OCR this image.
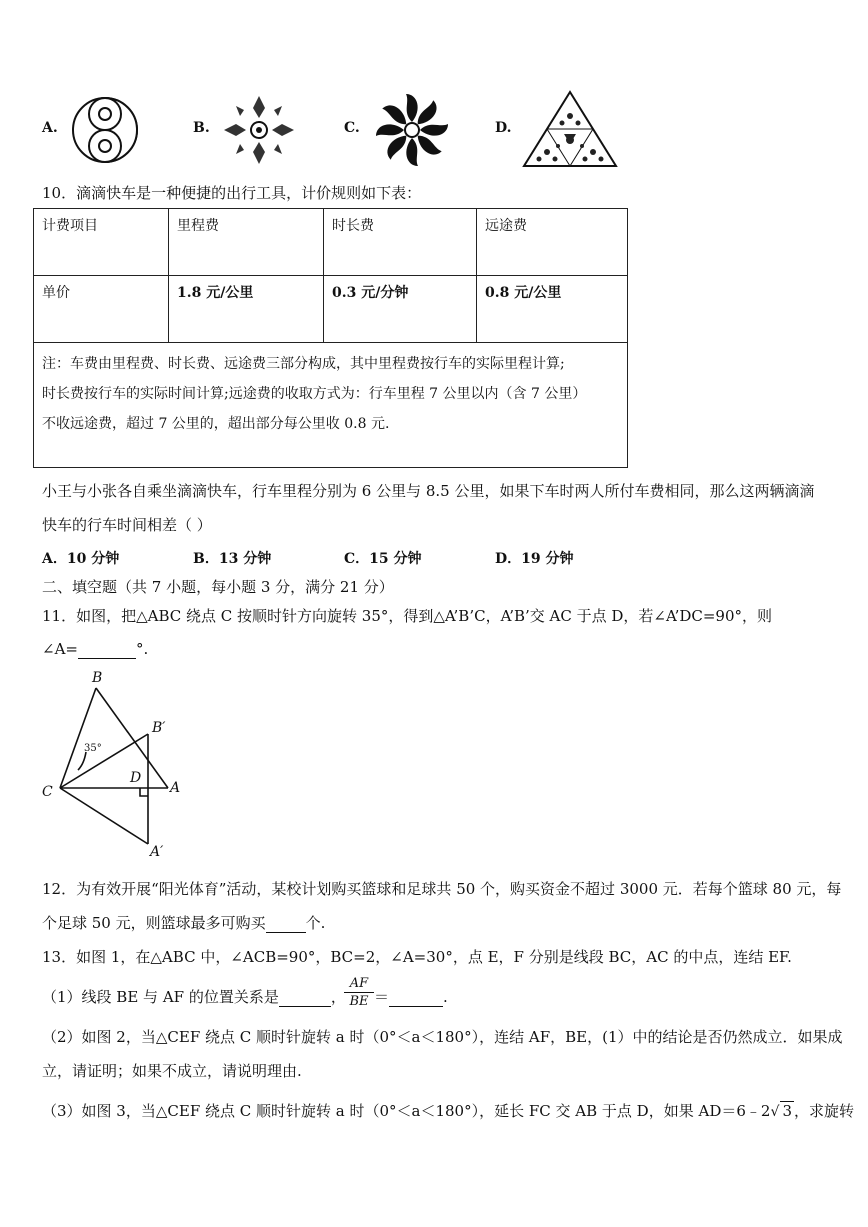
A.	B.	C.	D.
10．滴滴快车是一种便捷的出行工具，计价规则如下表：
计费项目	里程费	时长费	远途费
单价	1.8 元/公里	0.3 元/分钟	0.8 元/公里

注：车费由里程费、时长费、远途费三部分构成，其中里程费按行车的实际里程计算;
时长费按行车的实际时间计算;远途费的收取方式为：行车里程 7 公里以内（含 7 公里）
不收远途费，超过 7 公里的，超出部分每公里收 0.8 元.			
小王与小张各自乘坐滴滴快车，行车里程分别为 6 公里与 8.5 公里，如果下车时两人所付车费相同，那么这两辆滴滴
快车的行车时间相差（ ）
A．10 分钟	B．13 分钟	C．15 分钟	D．19 分钟
二、填空题（共 7 小题，每小题 3 分，满分 21 分）
11．如图，把△ABC 绕点 C 按顺时针方向旋转 35°，得到△A’B’C，A’B’交 AC 于点 D，若∠A’DC=90°，则
∠A=	°.
B
B′
C
D
A
A′
35°
12．为有效开展“阳光体育”活动，某校计划购买篮球和足球共 50 个，购买资金不超过 3000 元．若每个篮球 80 元，每
个足球 50 元，则篮球最多可购买	个.
13．如图 1，在△ABC 中，∠ACB=90°，BC=2，∠A=30°，点 E，F 分别是线段 BC，AC 的中点，连结 EF.
（1）线段 BE 与 AF 的位置关系是	，
AF
BE ＝	.
（2）如图 2，当△CEF 绕点 C 顺时针旋转 a 时（0°＜a＜180°），连结 AF，BE，(1）中的结论是否仍然成立．如果成
立，请证明；如果不成立，请说明理由.
（3）如图 3，当△CEF 绕点 C 顺时针旋转 a 时（0°＜a＜180°），延长 FC 交 AB 于点 D，如果 AD＝6﹣2 √ 3 ，求旋转
